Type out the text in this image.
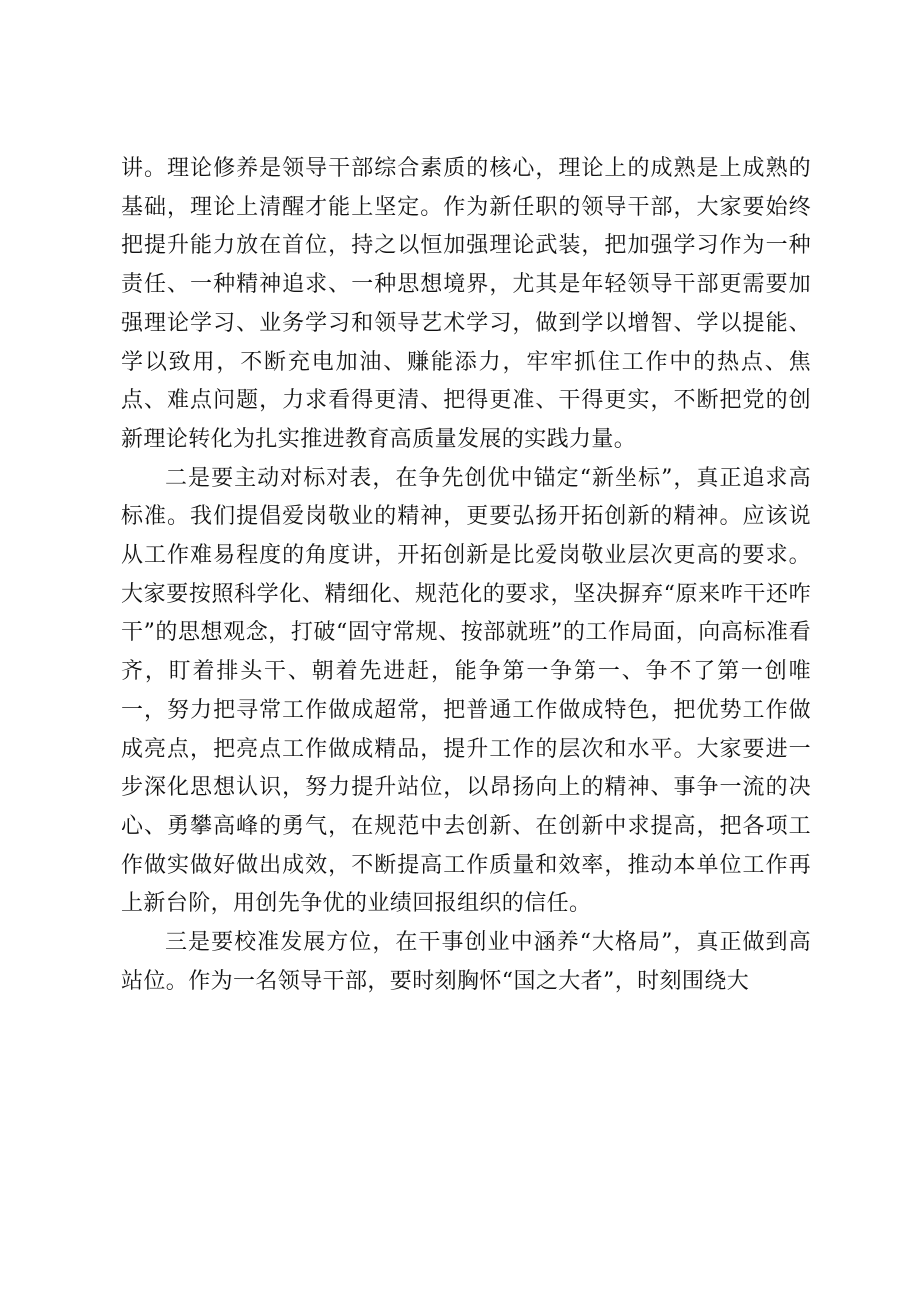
讲。理论修养是领导干部综合素质的核心，理论上的成熟是上成熟的基础，理论上清醒才能上坚定。作为新任职的领导干部，大家要始终把提升能力放在首位，持之以恒加强理论武装，把加强学习作为一种责任、一种精神追求、一种思想境界，尤其是年轻领导干部更需要加强理论学习、业务学习和领导艺术学习，做到学以增智、学以提能、学以致用，不断充电加油、赚能添力，牢牢抓住工作中的热点、焦点、难点问题，力求看得更清、把得更准、干得更实，不断把党的创新理论转化为扎实推进教育高质量发展的实践力量。

二是要主动对标对表，在争先创优中锚定“新坐标”，真正追求高标准。我们提倡爱岗敬业的精神，更要弘扬开拓创新的精神。应该说从工作难易程度的角度讲，开拓创新是比爱岗敬业层次更高的要求。大家要按照科学化、精细化、规范化的要求，坚决摒弃“原来咋干还咋干”的思想观念，打破“固守常规、按部就班”的工作局面，向高标准看齐，盯着排头干、朝着先进赶，能争第一争第一、争不了第一创唯一，努力把寻常工作做成超常，把普通工作做成特色，把优势工作做成亮点，把亮点工作做成精品，提升工作的层次和水平。大家要进一步深化思想认识，努力提升站位，以昂扬向上的精神、事争一流的决心、勇攀高峰的勇气，在规范中去创新、在创新中求提高，把各项工作做实做好做出成效，不断提高工作质量和效率，推动本单位工作再上新台阶，用创先争优的业绩回报组织的信任。

三是要校准发展方位，在干事创业中涵养“大格局”，真正做到高站位。作为一名领导干部，要时刻胸怀“国之大者”，时刻围绕大
